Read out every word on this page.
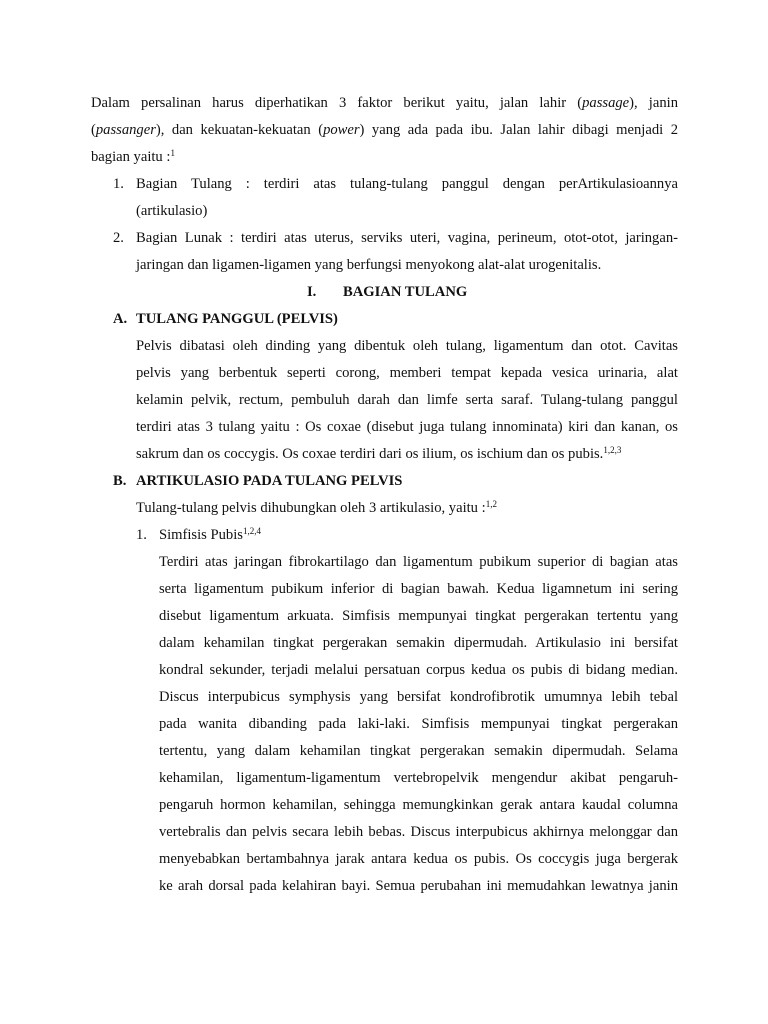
Dalam persalinan harus diperhatikan 3 faktor berikut yaitu, jalan lahir (passage), janin
(passanger), dan kekuatan-kekuatan (power) yang ada pada ibu. Jalan lahir dibagi menjadi 2
bagian yaitu :$^1$
1. Bagian Tulang : terdiri atas tulang-tulang panggul dengan perArtikulasioannya
(artikulasio)
2. Bagian Lunak : terdiri atas uterus, serviks uteri, vagina, perineum, otot-otot, jaringan-
jaringan dan ligamen-ligamen yang berfungsi menyokong alat-alat urogenitalis.
I. BAGIAN TULANG
A. TULANG PANGGUL (PELVIS)
Pelvis dibatasi oleh dinding yang dibentuk oleh tulang, ligamentum dan otot. Cavitas
pelvis yang berbentuk seperti corong, memberi tempat kepada vesica urinaria, alat
kelamin pelvik, rectum, pembuluh darah dan limfe serta saraf. Tulang-tulang panggul
terdiri atas 3 tulang yaitu : Os coxae (disebut juga tulang innominata) kiri dan kanan, os
sakrum dan os coccygis. Os coxae terdiri dari os ilium, os ischium dan os pubis.$^{1,2,3}$
B. ARTIKULASIO PADA TULANG PELVIS
Tulang-tulang pelvis dihubungkan oleh 3 artikulasio, yaitu :$^{1,2}$
1. Simfisis Pubis$^{1,2,4}$
Terdiri atas jaringan fibrokartilago dan ligamentum pubikum superior di bagian atas
serta ligamentum pubikum inferior di bagian bawah. Kedua ligamnetum ini sering
disebut ligamentum arkuata. Simfisis mempunyai tingkat pergerakan tertentu yang
dalam kehamilan tingkat pergerakan semakin dipermudah. Artikulasio ini bersifat
kondral sekunder, terjadi melalui persatuan corpus kedua os pubis di bidang median.
Discus interpubicus symphysis yang bersifat kondrofibrotik umumnya lebih tebal
pada wanita dibanding pada laki-laki. Simfisis mempunyai tingkat pergerakan
tertentu, yang dalam kehamilan tingkat pergerakan semakin dipermudah. Selama
kehamilan, ligamentum-ligamentum vertebropelvik mengendur akibat pengaruh-
pengaruh hormon kehamilan, sehingga memungkinkan gerak antara kaudal columna
vertebralis dan pelvis secara lebih bebas. Discus interpubicus akhirnya melonggar dan
menyebabkan bertambahnya jarak antara kedua os pubis. Os coccygis juga bergerak
ke arah dorsal pada kelahiran bayi. Semua perubahan ini memudahkan lewatnya janin
